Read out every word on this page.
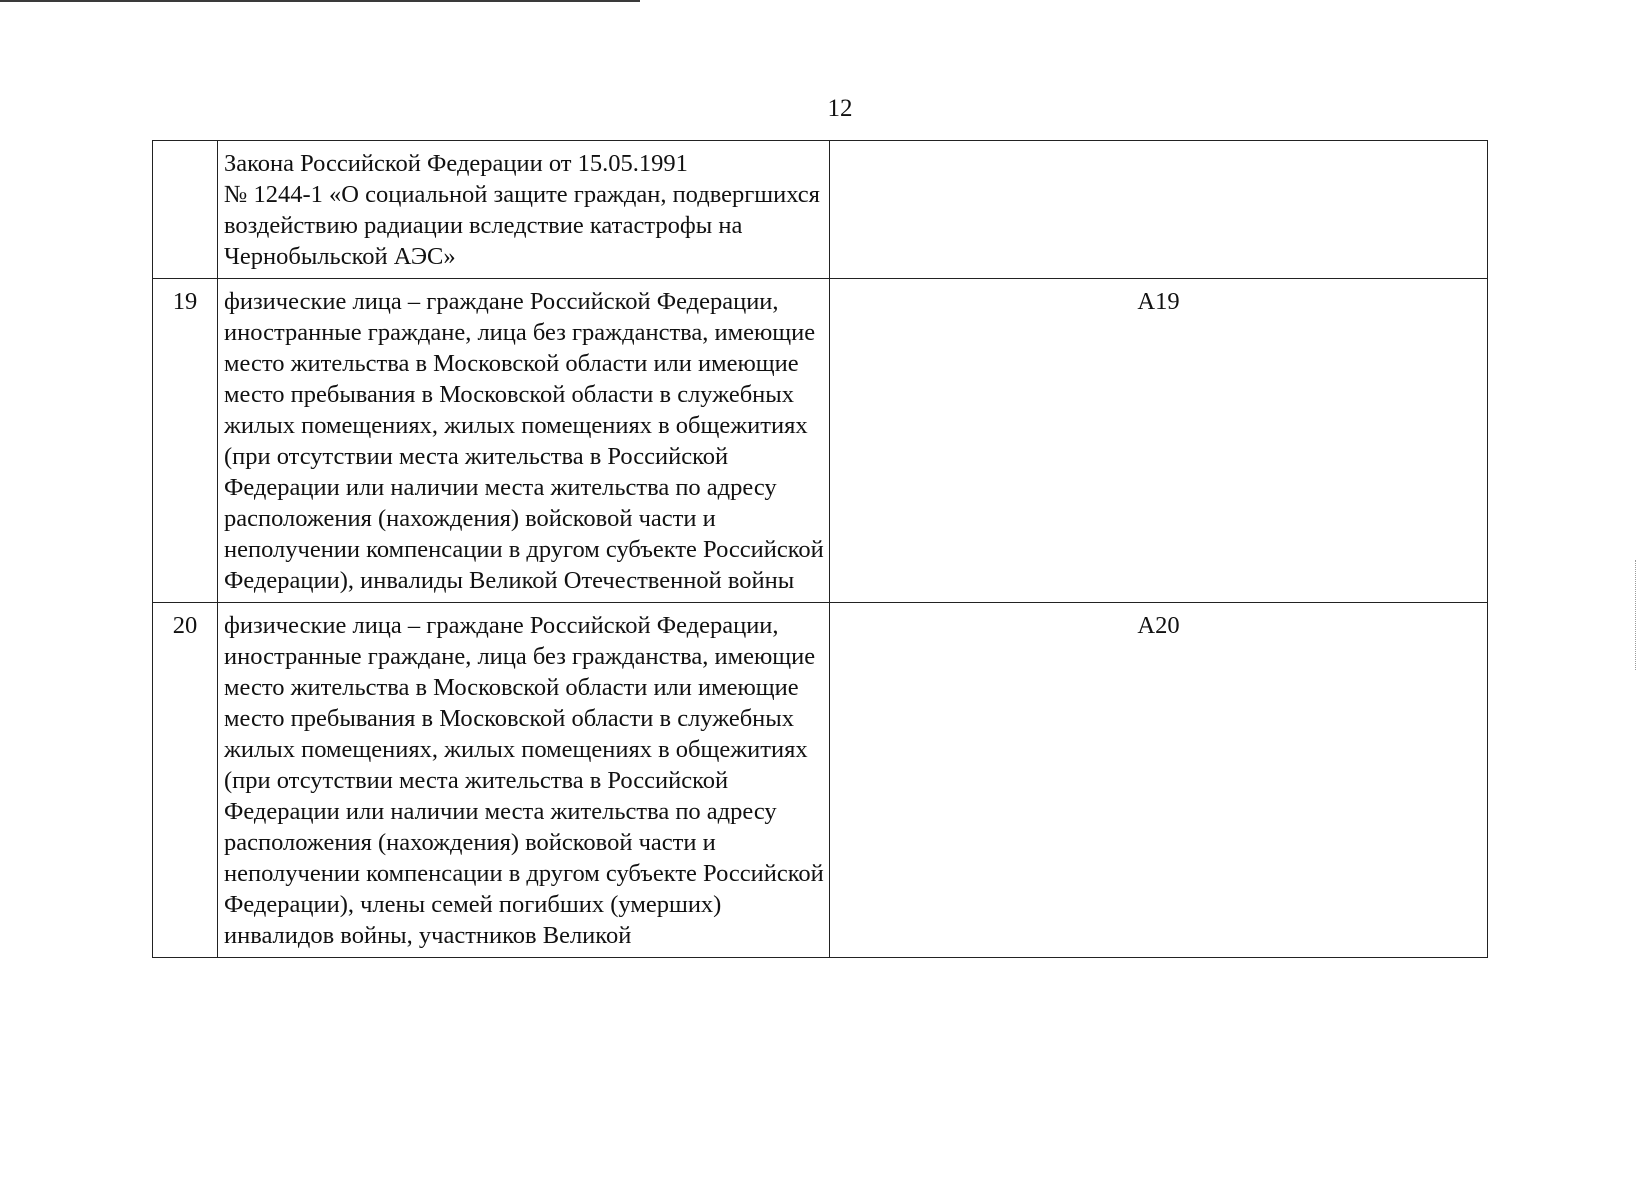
12
	Закона Российской Федерации от 15.05.1991
№ 1244-1 «О социальной защите граждан, подвергшихся воздействию радиации вследствие катастрофы на Чернобыльской АЭС»	
19	физические лица – граждане Российской Федерации, иностранные граждане, лица без гражданства, имеющие место жительства в Московской области или имеющие место пребывания в Московской области в служебных жилых помещениях, жилых помещениях в общежитиях (при отсутствии места жительства в Российской Федерации или наличии места жительства по адресу расположения (нахождения) войсковой части и неполучении компенсации в другом субъекте Российской Федерации), инвалиды Великой Отечественной войны	А19
20	физические лица – граждане Российской Федерации, иностранные граждане, лица без гражданства, имеющие место жительства в Московской области или имеющие место пребывания в Московской области в служебных жилых помещениях, жилых помещениях в общежитиях (при отсутствии места жительства в Российской Федерации или наличии места жительства по адресу расположения (нахождения) войсковой части и неполучении компенсации в другом субъекте Российской Федерации), члены семей погибших (умерших) инвалидов войны, участников Великой	А20
